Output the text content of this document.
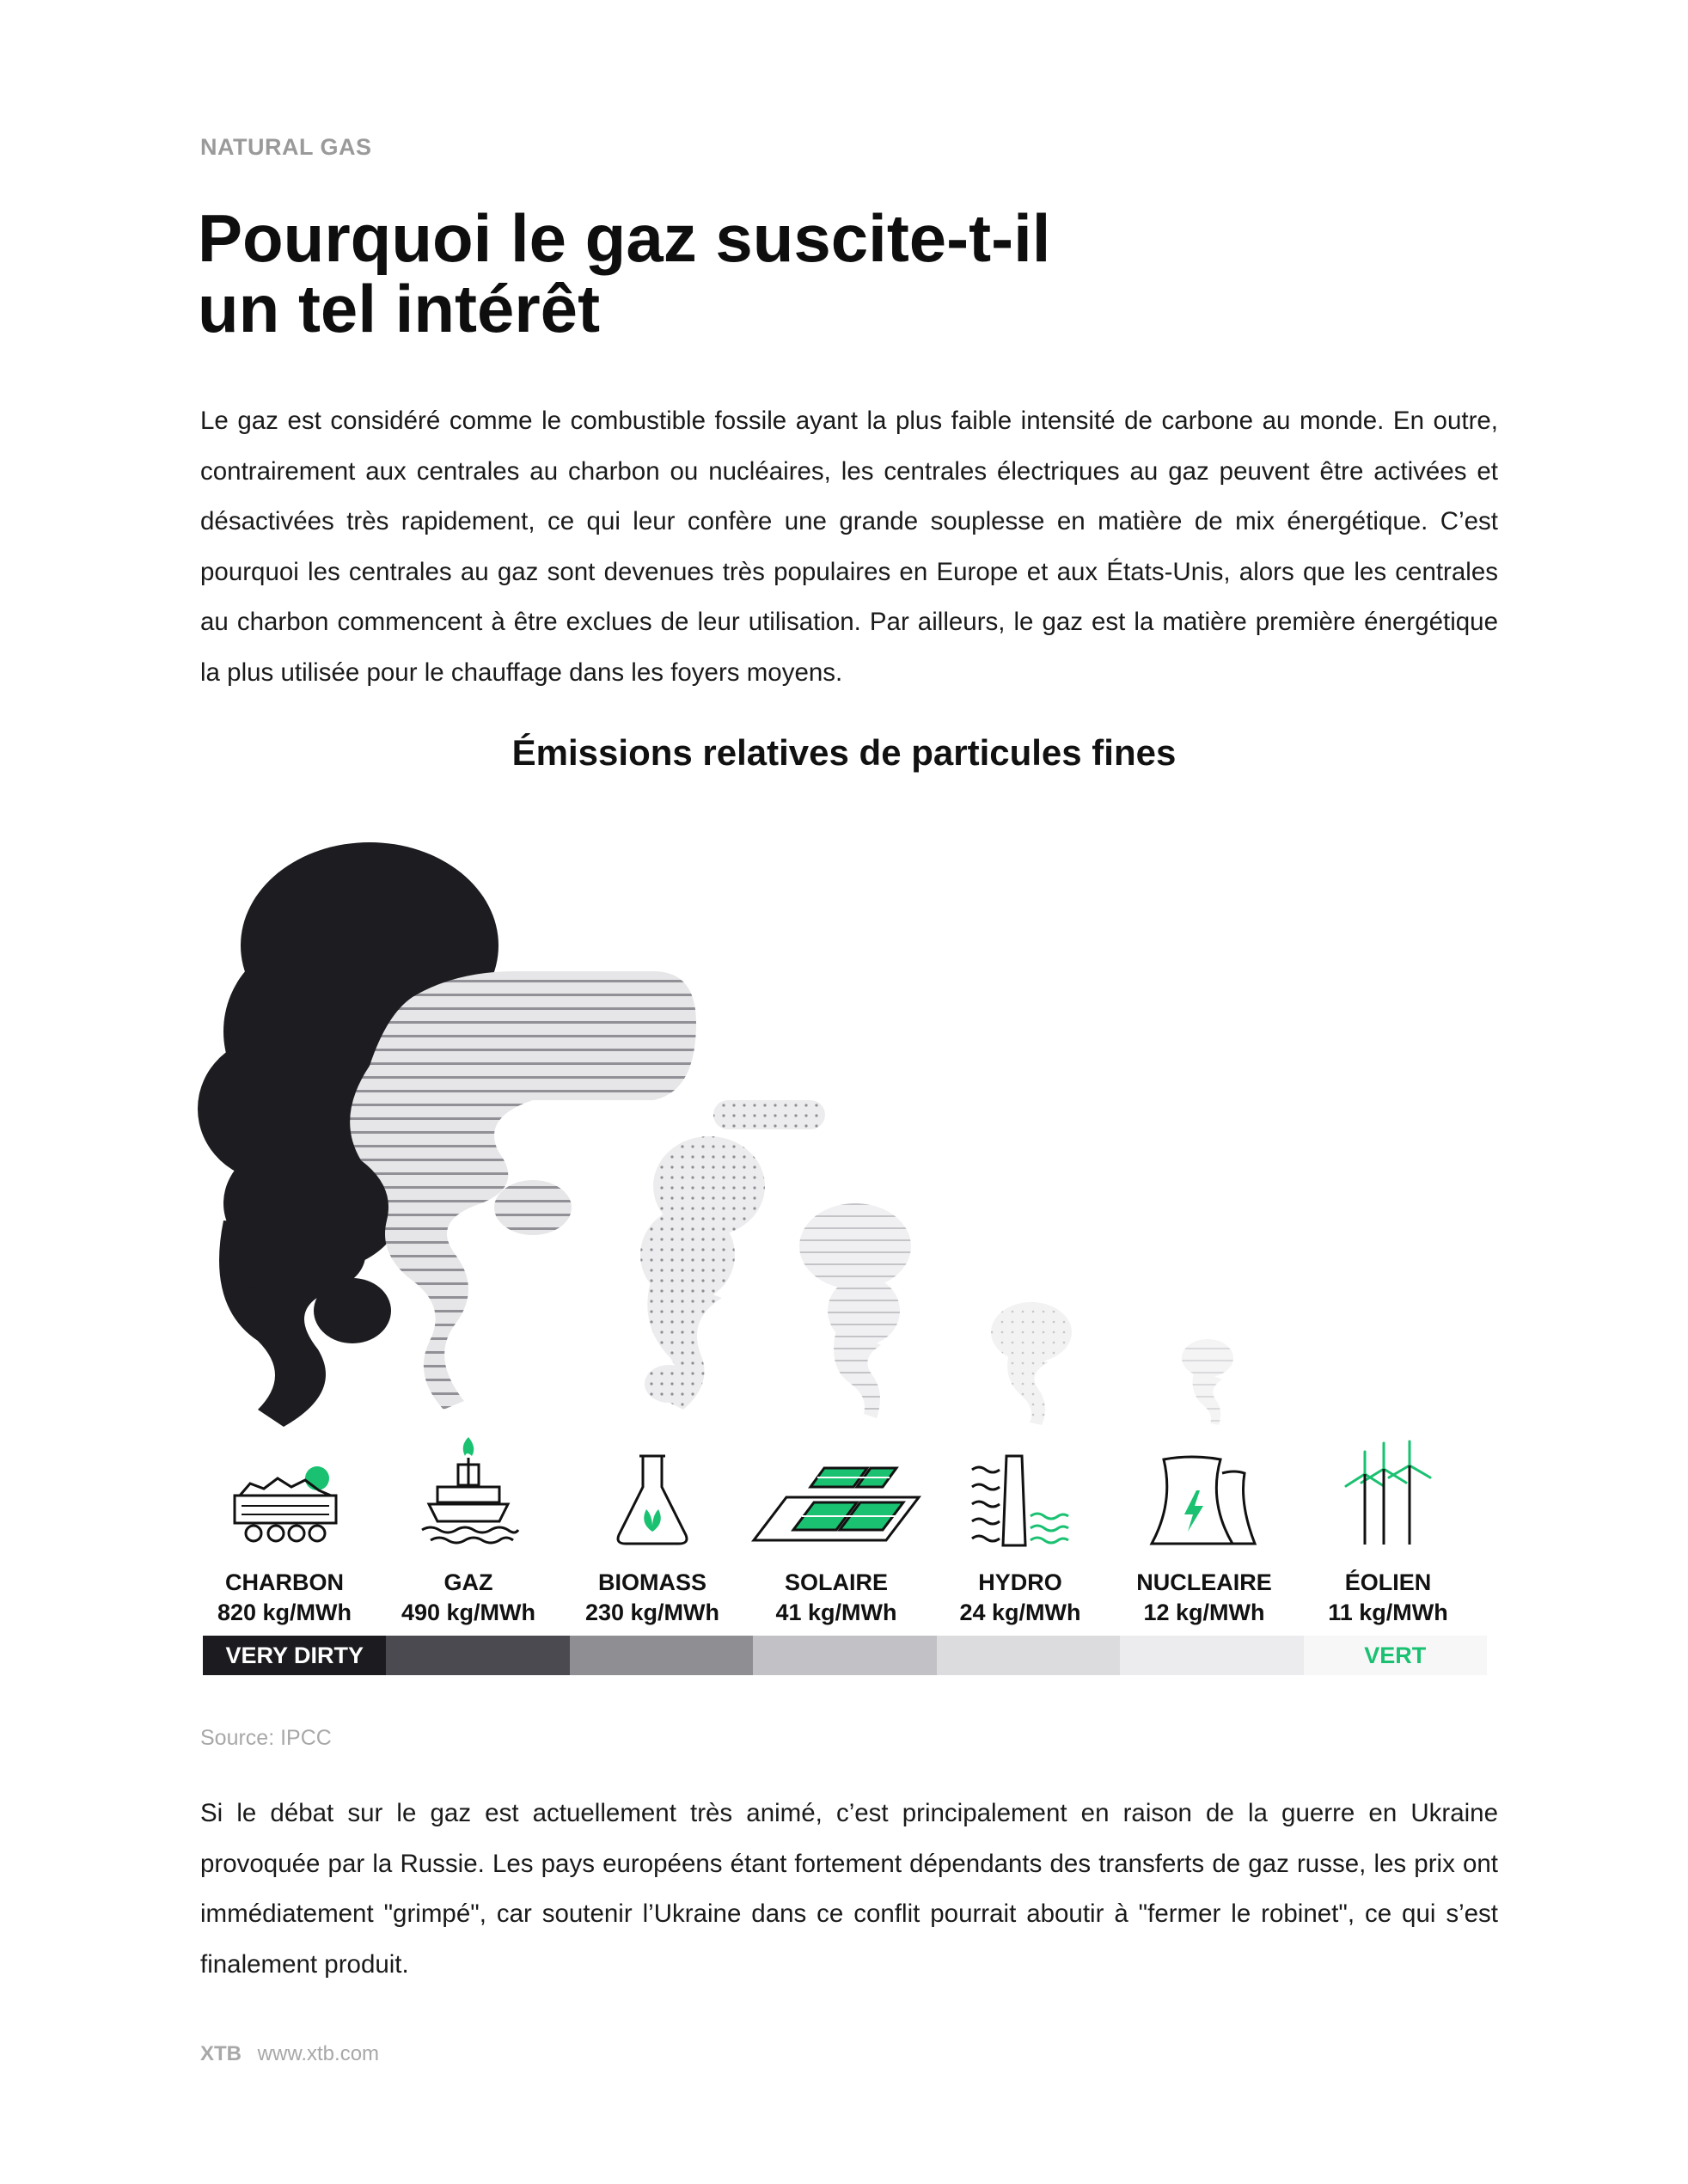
NATURAL GAS
Pourquoi le gaz suscite-t-il
un tel intérêt

Le gaz est considéré comme le combustible fossile ayant la plus faible intensité de carbone au monde. En outre, contrairement aux centrales au charbon ou nucléaires, les centrales électriques au gaz peuvent être activées et désactivées très rapidement, ce qui leur confère une grande souplesse en matière de mix énergétique. C’est pourquoi les centrales au gaz sont devenues très populaires en Europe et aux États-Unis, alors que les centrales au charbon commencent à être exclues de leur utilisation. Par ailleurs, le gaz est la matière première énergétique la plus utilisée pour le chauffage dans les foyers moyens.

Émissions relatives de particules fines
CHARBON
820 kg/MWh
GAZ
490 kg/MWh
BIOMASS
230 kg/MWh
SOLAIRE
41 kg/MWh
HYDRO
24 kg/MWh
NUCLEAIRE
12 kg/MWh
ÉOLIEN
11 kg/MWh
VERY DIRTY	VERT
Source: IPCC

Si le débat sur le gaz est actuellement très animé, c’est principalement en raison de la guerre en Ukraine provoquée par la Russie. Les pays européens étant fortement dépendants des transferts de gaz russe, les prix ont immédiatement "grimpé", car soutenir l’Ukraine dans ce conflit pourrait aboutir à "fermer le robinet", ce qui s’est finalement produit.

XTB www.xtb.com
